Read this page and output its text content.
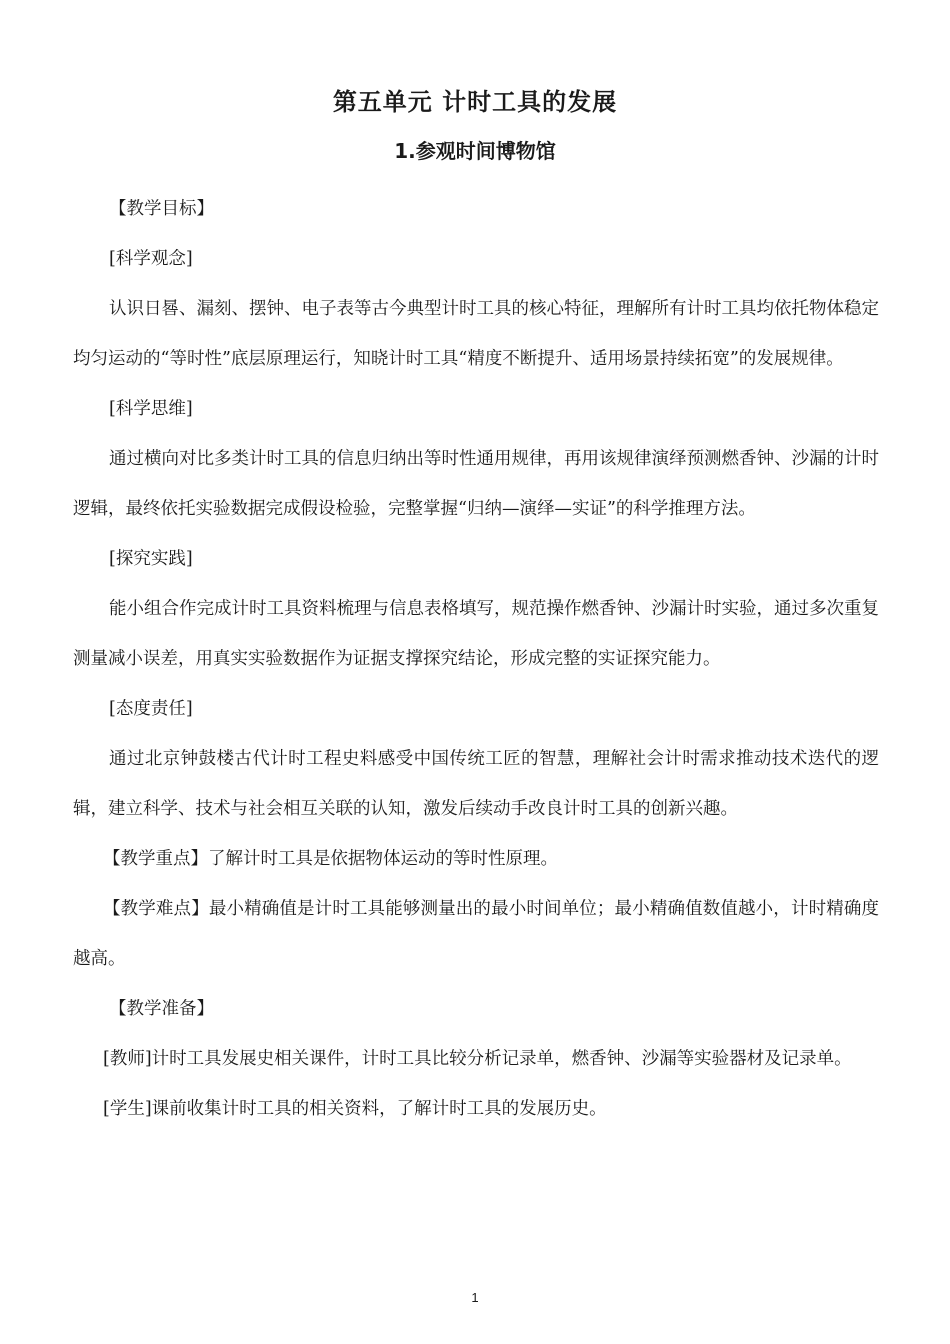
第五单元 计时工具的发展
1.参观时间博物馆

【教学目标】

[科学观念]

认识日晷、漏刻、摆钟、电子表等古今典型计时工具的核心特征，理解所有计时工具均依托物体稳定均匀运动的“等时性”底层原理运行，知晓计时工具“精度不断提升、适用场景持续拓宽”的发展规律。

[科学思维]

通过横向对比多类计时工具的信息归纳出等时性通用规律，再用该规律演绎预测燃香钟、沙漏的计时逻辑，最终依托实验数据完成假设检验，完整掌握“归纳—演绎—实证”的科学推理方法。

[探究实践]

能小组合作完成计时工具资料梳理与信息表格填写，规范操作燃香钟、沙漏计时实验，通过多次重复测量减小误差，用真实实验数据作为证据支撑探究结论，形成完整的实证探究能力。

[态度责任]

通过北京钟鼓楼古代计时工程史料感受中国传统工匠的智慧，理解社会计时需求推动技术迭代的逻辑，建立科学、技术与社会相互关联的认知，激发后续动手改良计时工具的创新兴趣。

【教学重点】了解计时工具是依据物体运动的等时性原理。

【教学难点】最小精确值是计时工具能够测量出的最小时间单位；最小精确值数值越小，计时精确度越高。

【教学准备】

[教师]计时工具发展史相关课件，计时工具比较分析记录单，燃香钟、沙漏等实验器材及记录单。

[学生]课前收集计时工具的相关资料，了解计时工具的发展历史。

1
